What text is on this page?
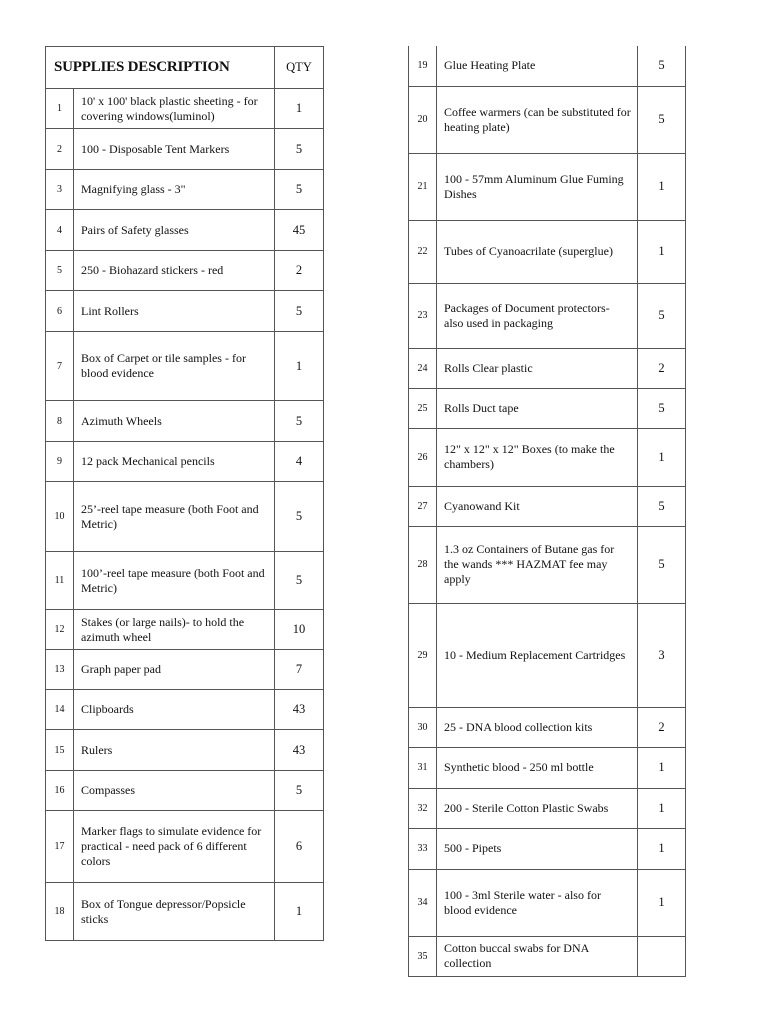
SUPPLIES DESCRIPTION		QTY
1	10' x 100' black plastic sheeting - for covering windows(luminol)	1
2	100 - Disposable Tent Markers	5
3	Magnifying glass - 3"	5
4	Pairs of Safety glasses	45
5	250 - Biohazard stickers - red	2
6	Lint Rollers	5
7	Box of Carpet or tile samples - for blood evidence	1
8	Azimuth Wheels	5
9	12 pack Mechanical pencils	4
10	25’-reel tape measure (both Foot and Metric)	5
11	100’-reel tape measure (both Foot and Metric)	5
12	Stakes (or large nails)- to hold the azimuth wheel	10
13	Graph paper pad	7
14	Clipboards	43
15	Rulers	43
16	Compasses	5
17	Marker flags to simulate evidence for practical - need pack of 6 different colors	6
18	Box of Tongue depressor/Popsicle sticks	1
19	Glue Heating Plate	5
20	Coffee warmers (can be substituted for heating plate)	5
21	100 - 57mm Aluminum Glue Fuming Dishes	1
22	Tubes of Cyanoacrilate (superglue)	1
23	Packages of Document protectors- also used in packaging	5
24	Rolls Clear plastic	2
25	Rolls Duct tape	5
26	12" x 12" x 12" Boxes (to make the chambers)	1
27	Cyanowand Kit	5
28	1.3 oz Containers of Butane gas for the wands *** HAZMAT fee may apply	5
29	10 - Medium Replacement Cartridges	3
30	25 - DNA blood collection kits	2
31	Synthetic blood - 250 ml bottle	1
32	200 - Sterile Cotton Plastic Swabs	1
33	500 - Pipets	1
34	100 - 3ml Sterile water - also for blood evidence	1
35	Cotton buccal swabs for DNA collection	
